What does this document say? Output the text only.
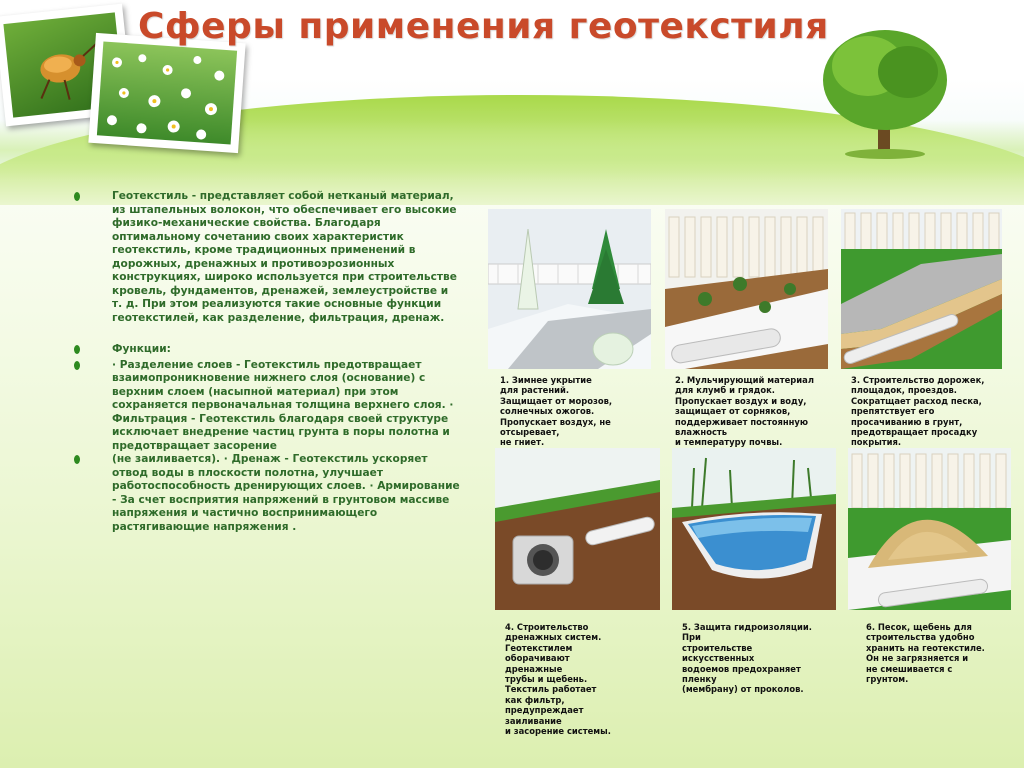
Сферы применения геотекстиля

Геотекстиль - представляет собой нетканый материал, из штапельных волокон, что обеспечивает его высокие физико-механические свойства. Благодаря оптимальному сочетанию своих характеристик геотекстиль, кроме традиционных применений в дорожных, дренажных и противоэрозионных конструкциях, широко используется при строительстве кровель, фундаментов, дренажей, землеустройстве и т. д. При этом реализуются такие основные функции геотекстилей, как разделение, фильтрация, дренаж.

Функции:

· Разделение слоев - Геотекстиль предотвращает взаимопроникновение нижнего слоя (основание) с верхним слоем (насыпной материал) при этом сохраняется первоначальная толщина верхнего слоя. · Фильтрация - Геотекстиль благодаря своей структуре исключает внедрение частиц грунта в поры полотна и предотвращает засорение

(не заиливается). · Дренаж - Геотекстиль ускоряет отвод воды в плоскости полотна, улучшает работоспособность дренирующих слоев. · Армирование - За счет восприятия напряжений в грунтовом массиве напряжения и частично воспринимающего растягивающие напряжения .

1. Зимнее укрытие
для растений.
Защищает от морозов,
солнечных ожогов.
Пропускает воздух, не
отсыревает,
не гниет.
2. Мульчирующий материал
для клумб и грядок.
Пропускает воздух и воду,
защищает от сорняков,
поддерживает постоянную
влажность
и температуру почвы.
3. Строительство дорожек,
площадок, проездов.
Сократщает расход песка,
препятствует его
просачиванию в грунт,
предотвращает просадку
покрытия.
4. Строительство
дренажных систем.
Геотекстилем
оборачивают
дренажные
трубы и щебень.
Текстиль работает
как фильтр,
предупреждает
заиливание
и засорение системы.
5. Защита гидроизоляции.
При
строительстве
искусственных
водоемов предохраняет
пленку
(мембрану) от проколов.
6. Песок, щебень для
строительства удобно
хранить на геотекстиле.
Он не загрязняется и
не смешивается с
грунтом.
